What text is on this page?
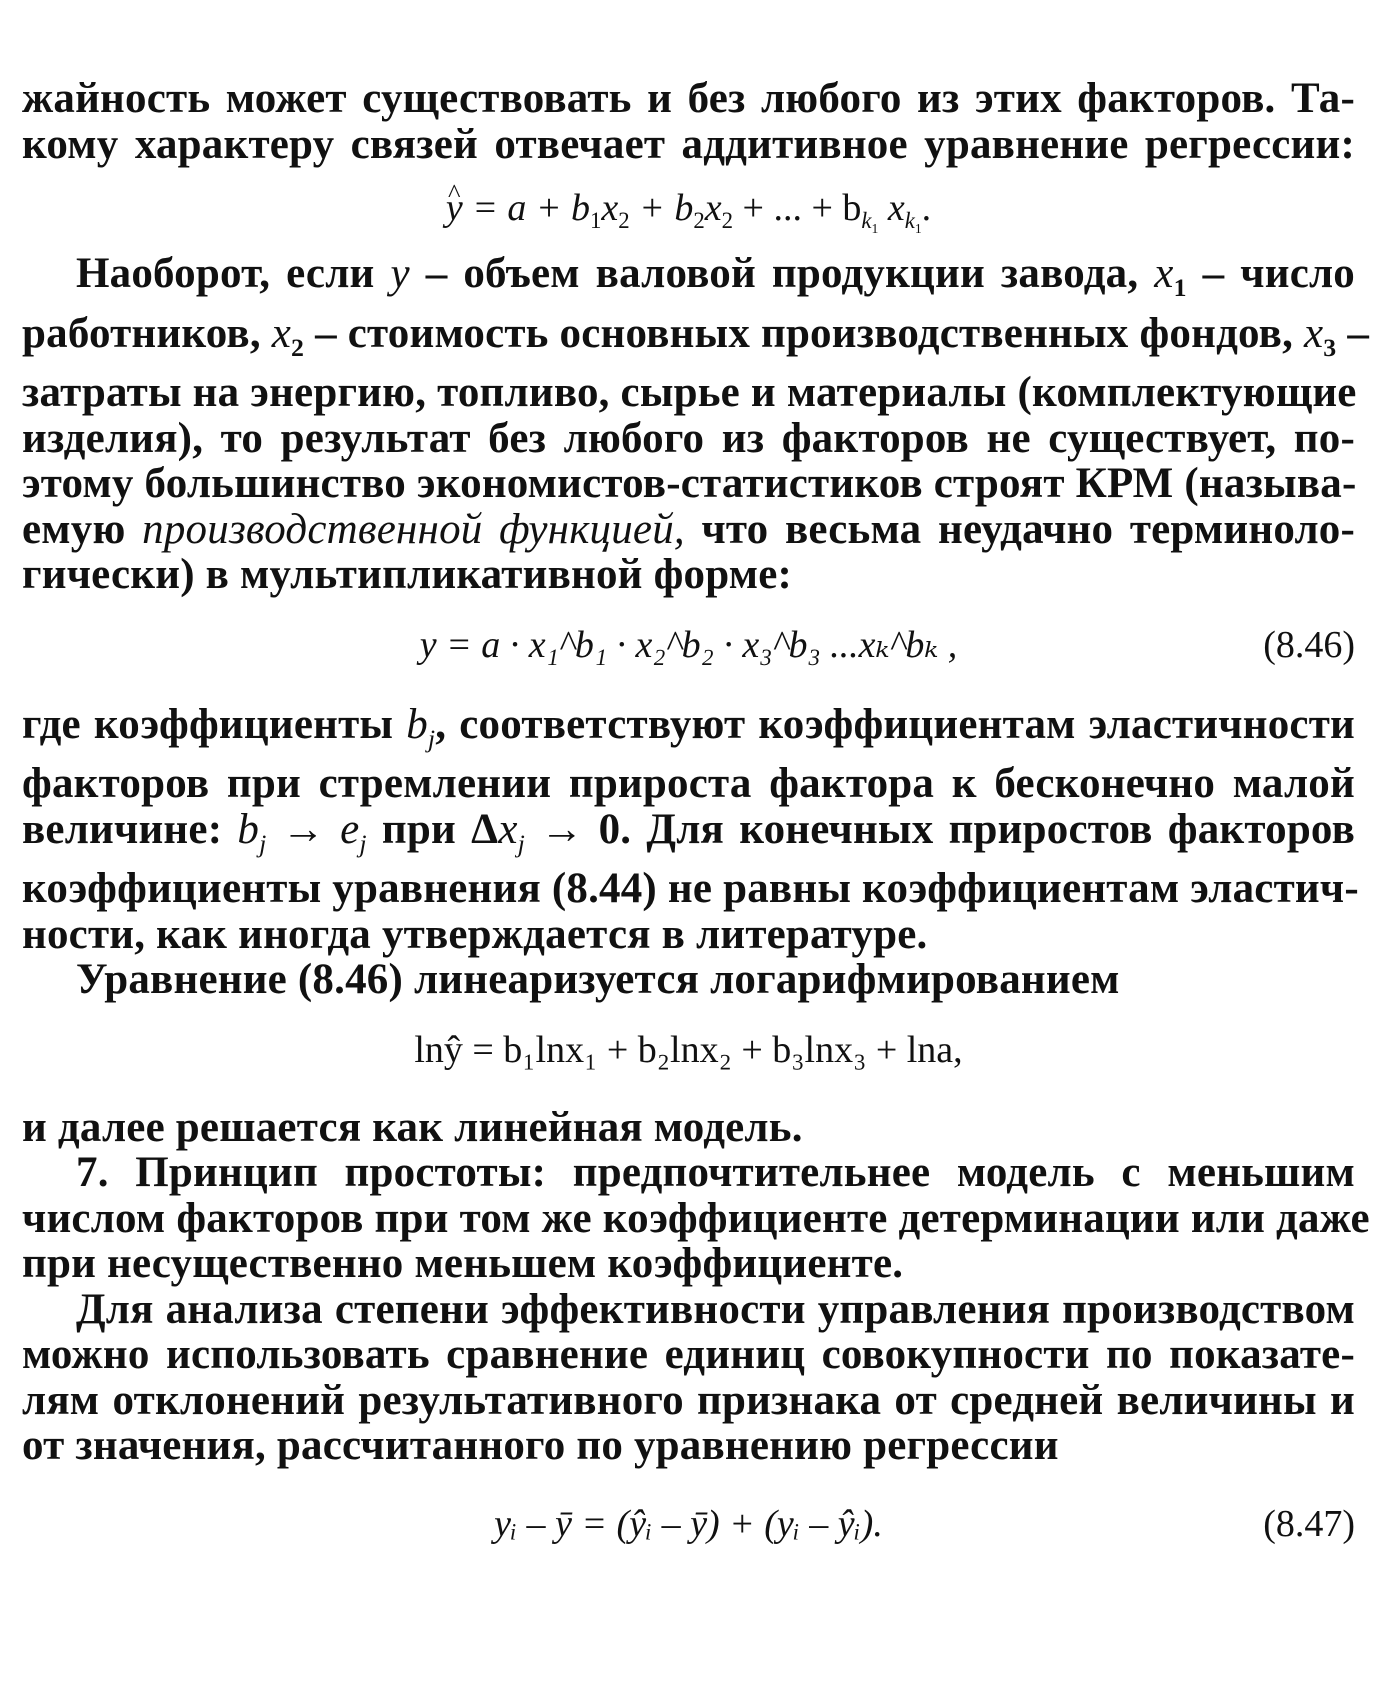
жайность может существовать и без любого из этих факторов. Та-
кому характеру связей отвечает аддитивное уравнение регрессии:
^ $y = a + b_1x_2 + b_2x_2$ + ... + $b_{k_1}$ $x_{k_1}$.
Наоборот, если y – объем валовой продукции завода, $x_1$ – число
работников, $x_2$ – стоимость основных производственных фондов, $x_3$ –
затраты на энергию, топливо, сырье и материалы (комплектующие
изделия), то результат без любого из факторов не существует, по-
этому большинство экономистов-статистиков строят КРМ (называ-
емую производственной функцией, что весьма неудачно терминоло-
гически) в мультипликативной форме:
y = a · x₁^b₁ · x₂^b₂ · x₃^b₃ ...xₖ^bₖ ,	(8.46)
где коэффициенты $b_j$, соответствуют коэффициентам эластичности
факторов при стремлении прироста фактора к бесконечно малой
величине: $b_j \to e_j$ при $\Delta x_j \to 0$. Для конечных приростов факторов
коэффициенты уравнения (8.44) не равны коэффициентам эластич-
ности, как иногда утверждается в литературе.
Уравнение (8.46) линеаризуется логарифмированием
lnŷ = b₁lnx₁ + b₂lnx₂ + b₃lnx₃ + lna,
и далее решается как линейная модель.
7. Принцип простоты: предпочтительнее модель с меньшим
числом факторов при том же коэффициенте детерминации или даже
при несущественно меньшем коэффициенте.
Для анализа степени эффективности управления производством
можно использовать сравнение единиц совокупности по показате-
лям отклонений результативного признака от средней величины и
от значения, рассчитанного по уравнению регрессии
yᵢ – ȳ = (ŷᵢ – ȳ) + (yᵢ – ŷᵢ).	(8.47)
